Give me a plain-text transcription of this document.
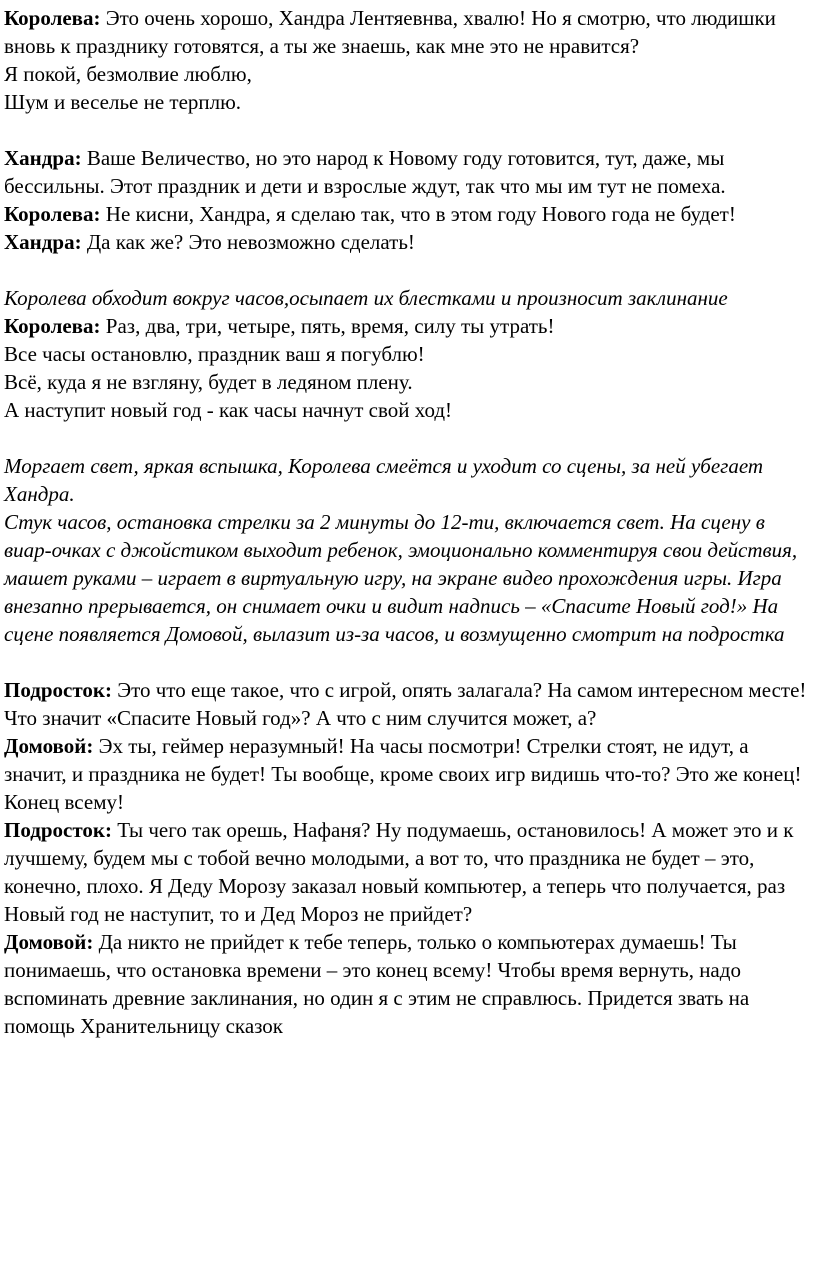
Королева: Это очень хорошо, Хандра Лентяевнва, хвалю! Но я смотрю, что людишки вновь к празднику готовятся, а ты же знаешь, как мне это не нравится?

Я покой, безмолвие люблю,

Шум и веселье не терплю.

Хандра: Ваше Величество, но это народ к Новому году готовится, тут, даже, мы бессильны. Этот праздник и дети и взрослые ждут, так что мы им тут не помеха.

Королева: Не кисни, Хандра, я сделаю так, что в этом году Нового года не будет!

Хандра: Да как же? Это невозможно сделать!

Королева обходит вокруг часов,осыпает их блестками и произносит заклинание

Королева: Раз, два, три, четыре, пять, время, силу ты утрать!

Все часы остановлю, праздник ваш я погублю!

Всё, куда я не взгляну, будет в ледяном плену.

А наступит новый год - как часы начнут свой ход!

Моргает свет, яркая вспышка, Королева смеётся и уходит со сцены, за ней убегает Хандра.

Стук часов, остановка стрелки за 2 минуты до 12-ти, включается свет. На сцену в виар-очках с джойстиком выходит ребенок, эмоционально комментируя свои действия, машет руками – играет в виртуальную игру, на экране видео прохождения игры. Игра внезапно прерывается, он снимает очки и видит надпись – «Спасите Новый год!» На сцене появляется Домовой, вылазит из-за часов, и возмущенно смотрит на подростка

Подросток: Это что еще такое, что с игрой, опять залагала? На самом интересном месте! Что значит «Спасите Новый год»? А что с ним случится может, а?

Домовой: Эх ты, геймер неразумный! На часы посмотри! Стрелки стоят, не идут, а значит, и праздника не будет! Ты вообще, кроме своих игр видишь что-то? Это же конец! Конец всему!

Подросток: Ты чего так орешь, Нафаня? Ну подумаешь, остановилось! А может это и к лучшему, будем мы с тобой вечно молодыми, а вот то, что праздника не будет – это, конечно, плохо. Я Деду Морозу заказал новый компьютер, а теперь что получается, раз Новый год не наступит, то и Дед Мороз не прийдет?

Домовой: Да никто не прийдет к тебе теперь, только о компьютерах думаешь! Ты понимаешь, что остановка времени – это конец всему! Чтобы время вернуть, надо вспоминать древние заклинания, но один я с этим не справлюсь. Придется звать на помощь Хранительницу сказок
